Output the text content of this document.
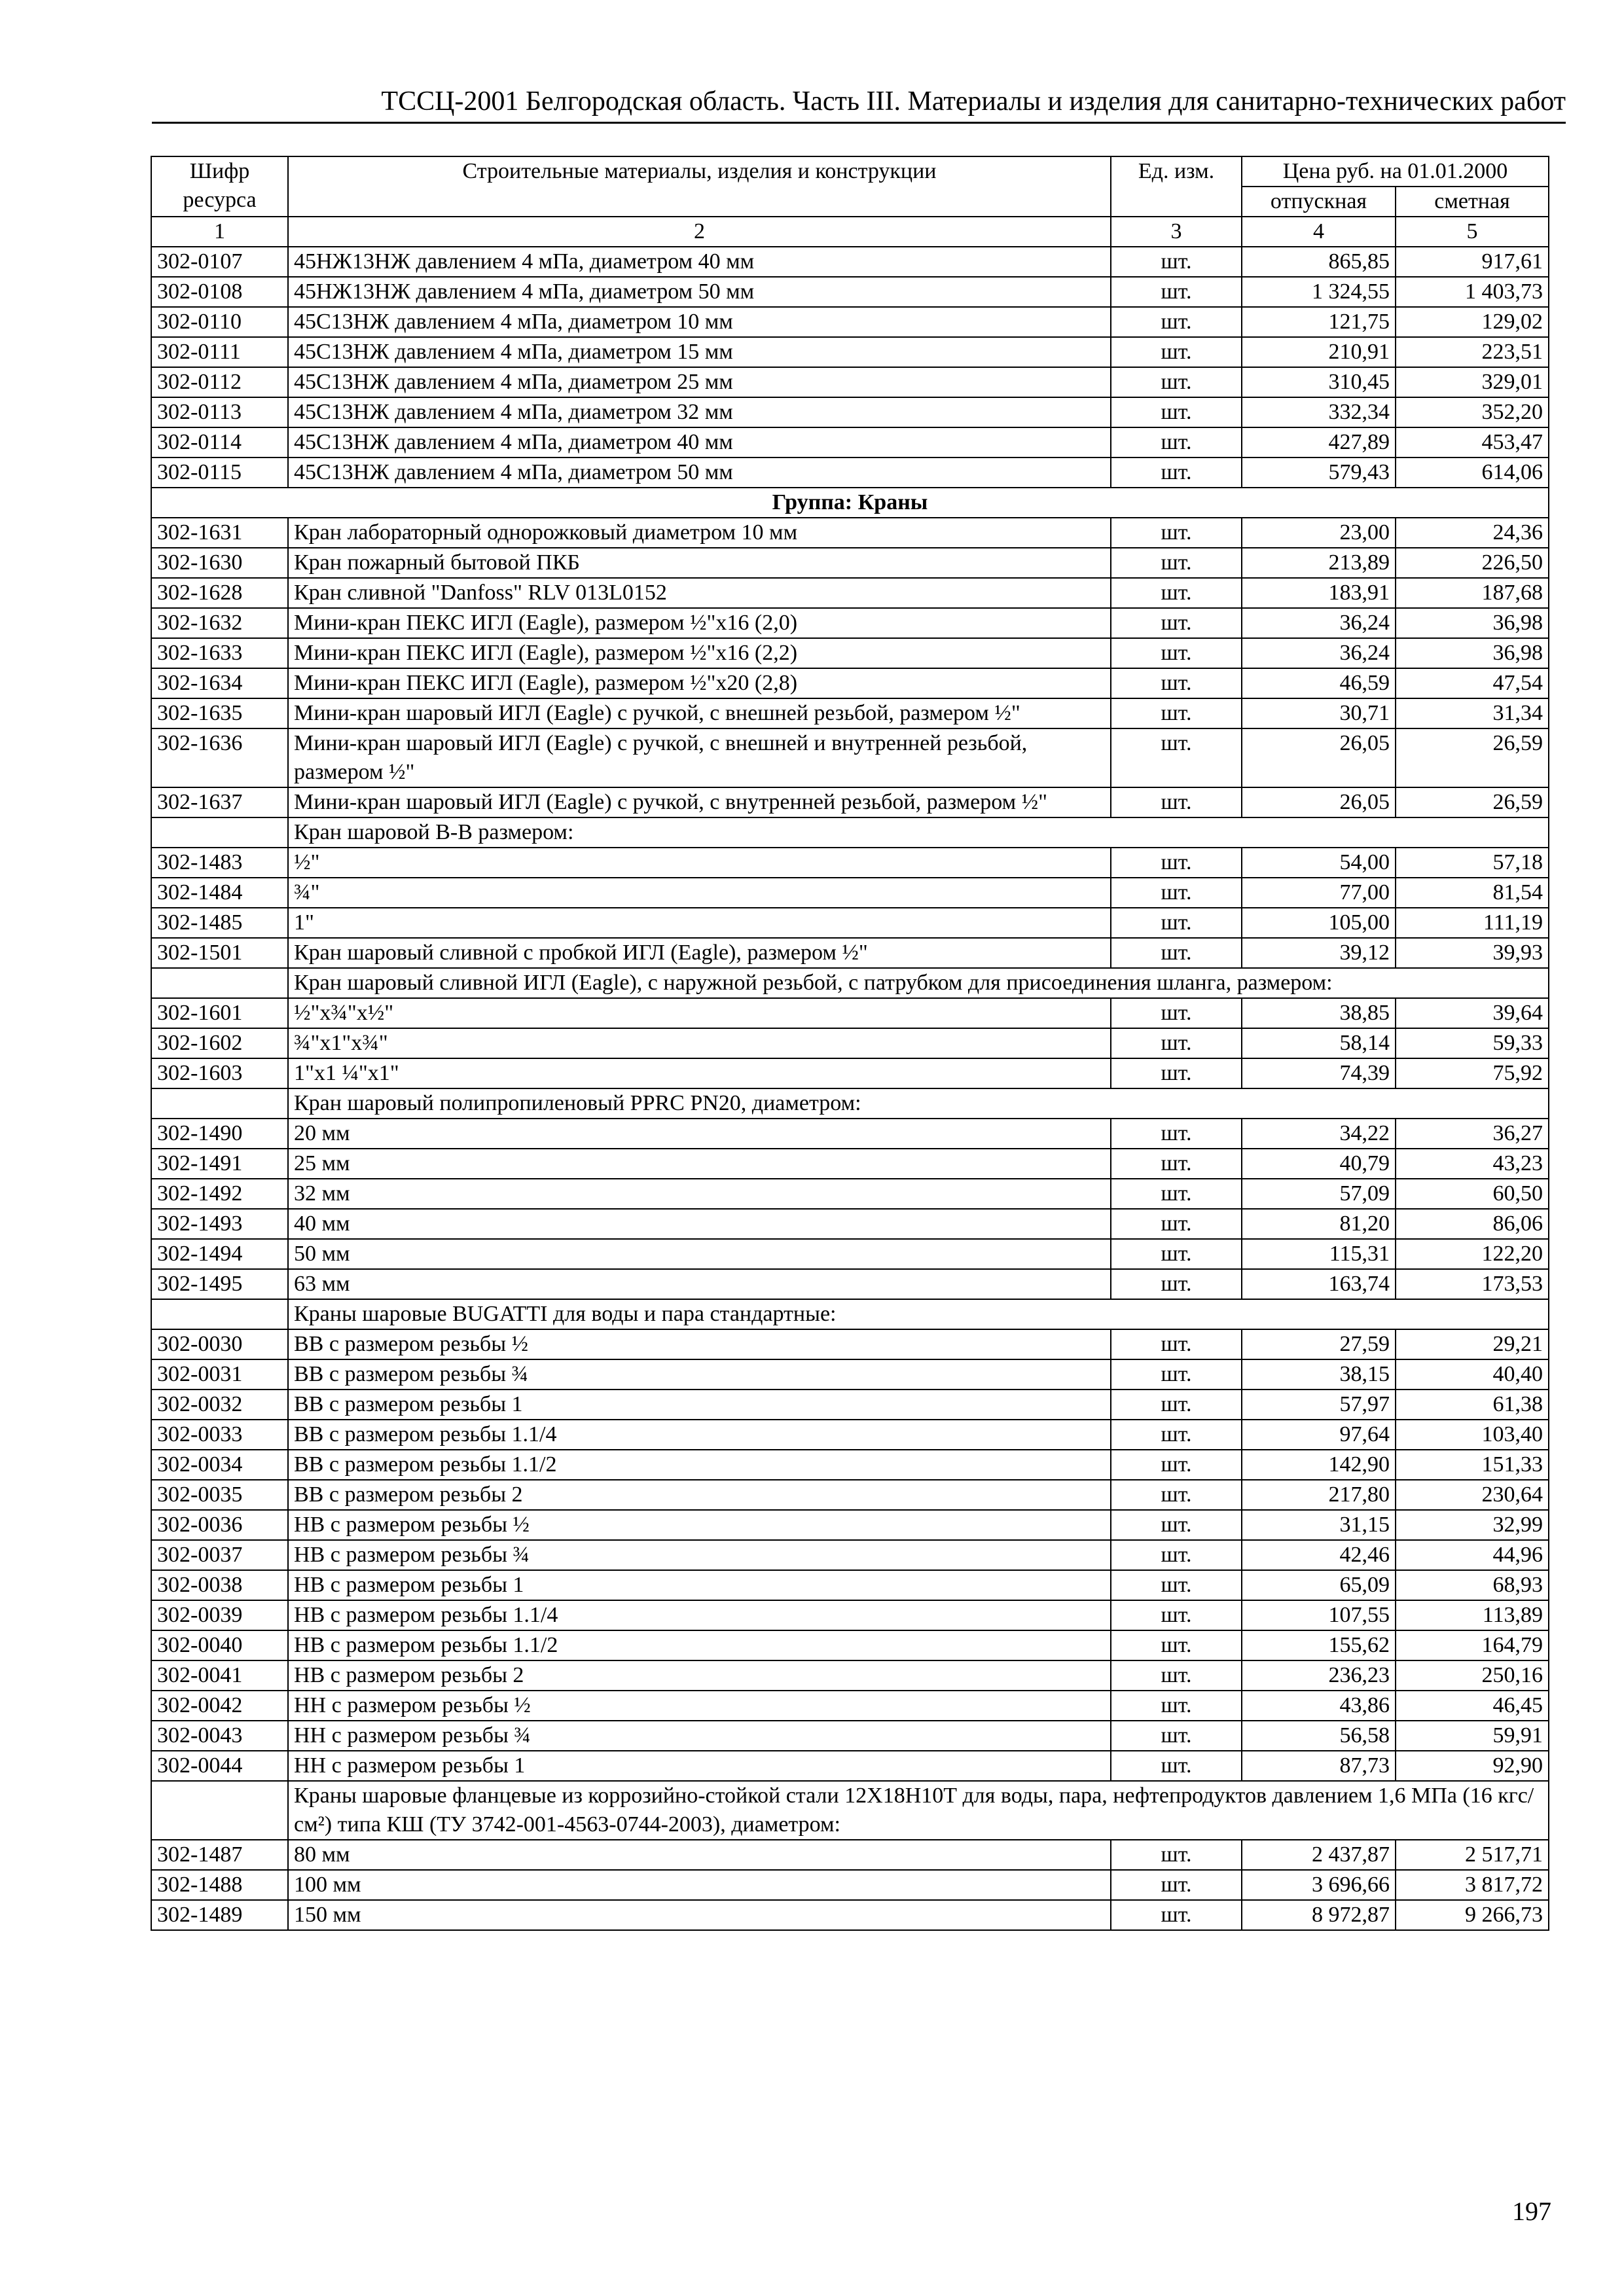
ТССЦ-2001 Белгородская область. Часть III. Материалы и изделия для санитарно-технических работ
Шифр ресурса	Строительные материалы, изделия и конструкции	Ед. изм.	Цена руб. на 01.01.2000	
			отпускная	сметная
1	2	3	4	5
302-0107	45НЖ13НЖ давлением 4 мПа, диаметром 40 мм	шт.	865,85	917,61
302-0108	45НЖ13НЖ давлением 4 мПа, диаметром 50 мм	шт.	1 324,55	1 403,73
302-0110	45С13НЖ давлением 4 мПа, диаметром 10 мм	шт.	121,75	129,02
302-0111	45С13НЖ давлением 4 мПа, диаметром 15 мм	шт.	210,91	223,51
302-0112	45С13НЖ давлением 4 мПа, диаметром 25 мм	шт.	310,45	329,01
302-0113	45С13НЖ давлением 4 мПа, диаметром 32 мм	шт.	332,34	352,20
302-0114	45С13НЖ давлением 4 мПа, диаметром 40 мм	шт.	427,89	453,47
302-0115	45С13НЖ давлением 4 мПа, диаметром 50 мм	шт.	579,43	614,06
Группа: Краны				
302-1631	Кран лабораторный однорожковый диаметром 10 мм	шт.	23,00	24,36
302-1630	Кран пожарный бытовой ПКБ	шт.	213,89	226,50
302-1628	Кран сливной "Danfoss" RLV 013L0152	шт.	183,91	187,68
302-1632	Мини-кран ПЕКС ИГЛ (Eagle), размером ½"x16 (2,0)	шт.	36,24	36,98
302-1633	Мини-кран ПЕКС ИГЛ (Eagle), размером ½"x16 (2,2)	шт.	36,24	36,98
302-1634	Мини-кран ПЕКС ИГЛ (Eagle), размером ½"x20 (2,8)	шт.	46,59	47,54
302-1635	Мини-кран шаровый ИГЛ (Eagle) с ручкой, с внешней резьбой, размером ½"	шт.	30,71	31,34
302-1636	Мини-кран шаровый ИГЛ (Eagle) с ручкой, с внешней и внутренней резьбой, размером ½"	шт.	26,05	26,59
302-1637	Мини-кран шаровый ИГЛ (Eagle) с ручкой, с внутренней резьбой, размером ½"	шт.	26,05	26,59
	Кран шаровой В-В размером:			
302-1483	½"	шт.	54,00	57,18
302-1484	¾"	шт.	77,00	81,54
302-1485	1"	шт.	105,00	111,19
302-1501	Кран шаровый сливной с пробкой ИГЛ (Eagle), размером ½"	шт.	39,12	39,93
	Кран шаровый сливной ИГЛ (Eagle), с наружной резьбой, с патрубком для присоединения шланга, размером:			
302-1601	½"x¾"x½"	шт.	38,85	39,64
302-1602	¾"x1"x¾"	шт.	58,14	59,33
302-1603	1"x1 ¼"x1"	шт.	74,39	75,92
	Кран шаровый полипропиленовый PPRC PN20, диаметром:			
302-1490	20 мм	шт.	34,22	36,27
302-1491	25 мм	шт.	40,79	43,23
302-1492	32 мм	шт.	57,09	60,50
302-1493	40 мм	шт.	81,20	86,06
302-1494	50 мм	шт.	115,31	122,20
302-1495	63 мм	шт.	163,74	173,53
	Краны шаровые BUGATTI для воды и пара стандартные:			
302-0030	ВВ с размером резьбы ½	шт.	27,59	29,21
302-0031	ВВ с размером резьбы ¾	шт.	38,15	40,40
302-0032	ВВ с размером резьбы 1	шт.	57,97	61,38
302-0033	ВВ с размером резьбы 1.1/4	шт.	97,64	103,40
302-0034	ВВ с размером резьбы 1.1/2	шт.	142,90	151,33
302-0035	ВВ с размером резьбы 2	шт.	217,80	230,64
302-0036	НВ с размером резьбы ½	шт.	31,15	32,99
302-0037	НВ с размером резьбы ¾	шт.	42,46	44,96
302-0038	НВ с размером резьбы 1	шт.	65,09	68,93
302-0039	НВ с размером резьбы 1.1/4	шт.	107,55	113,89
302-0040	НВ с размером резьбы 1.1/2	шт.	155,62	164,79
302-0041	НВ с размером резьбы 2	шт.	236,23	250,16
302-0042	НН с размером резьбы ½	шт.	43,86	46,45
302-0043	НН с размером резьбы ¾	шт.	56,58	59,91
302-0044	НН с размером резьбы 1	шт.	87,73	92,90
	Краны шаровые фланцевые из коррозийно-стойкой стали 12Х18Н10Т для воды, пара, нефтепродуктов давлением 1,6 МПа (16 кгс/см²) типа КШ (ТУ 3742-001-4563-0744-2003), диаметром:			
302-1487	80 мм	шт.	2 437,87	2 517,71
302-1488	100 мм	шт.	3 696,66	3 817,72
302-1489	150 мм	шт.	8 972,87	9 266,73
197
